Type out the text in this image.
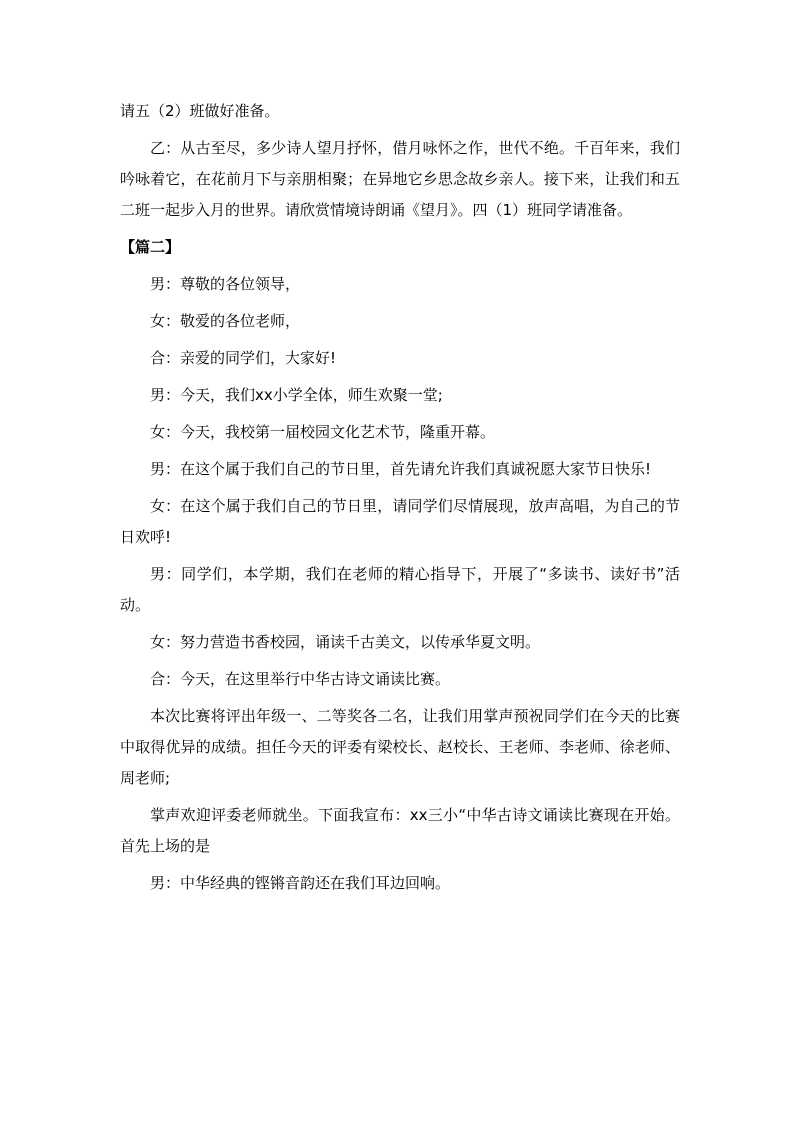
请五（2）班做好准备。

乙：从古至尽，多少诗人望月抒怀，借月咏怀之作，世代不绝。千百年来，我们吟咏着它，在花前月下与亲朋相聚；在异地它乡思念故乡亲人。接下来，让我们和五二班一起步入月的世界。请欣赏情境诗朗诵《望月》。四（1）班同学请准备。

【篇二】

男：尊敬的各位领导，

女：敬爱的各位老师，

合：亲爱的同学们，大家好!

男：今天，我们xx小学全体，师生欢聚一堂;

女：今天，我校第一届校园文化艺术节，隆重开幕。

男：在这个属于我们自己的节日里，首先请允许我们真诚祝愿大家节日快乐!

女：在这个属于我们自己的节日里，请同学们尽情展现，放声高唱，为自己的节日欢呼!

男：同学们，本学期，我们在老师的精心指导下，开展了“多读书、读好书”活动。

女：努力营造书香校园，诵读千古美文，以传承华夏文明。

合：今天，在这里举行中华古诗文诵读比赛。

本次比赛将评出年级一、二等奖各二名，让我们用掌声预祝同学们在今天的比赛中取得优异的成绩。担任今天的评委有梁校长、赵校长、王老师、李老师、徐老师、周老师;

掌声欢迎评委老师就坐。下面我宣布：xx三小“中华古诗文诵读比赛现在开始。首先上场的是

男：中华经典的铿锵音韵还在我们耳边回响。
